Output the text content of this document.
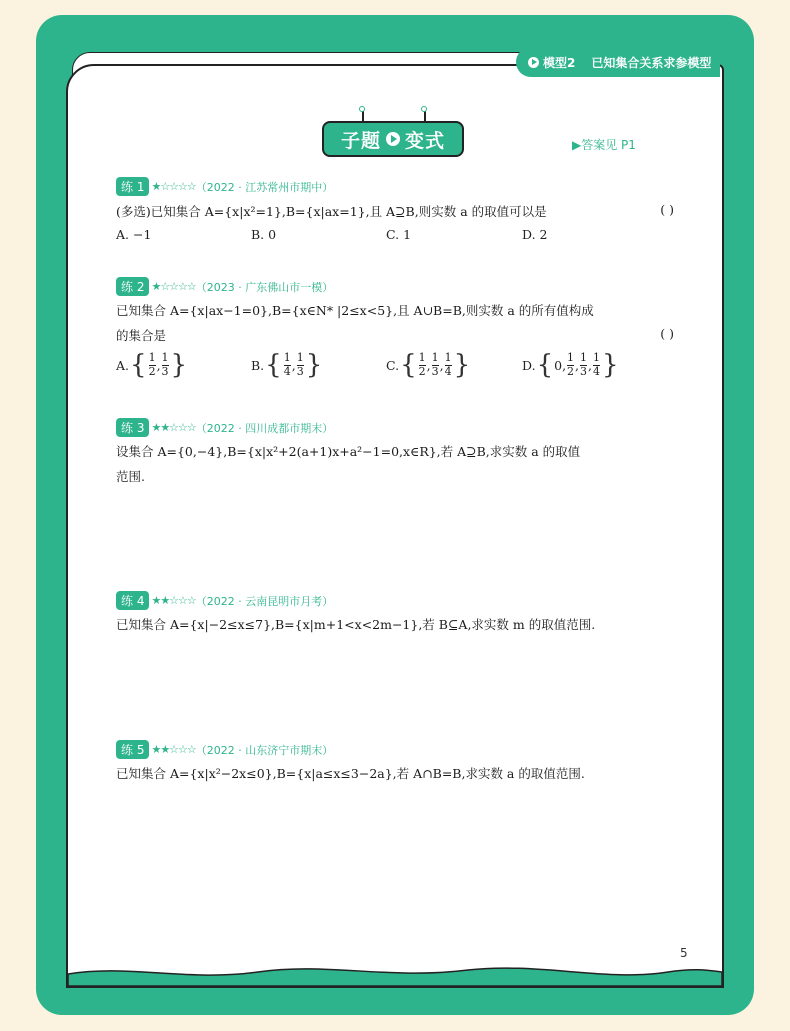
模型2 已知集合关系求参模型
子题 变式	▶答案见 P1
练 1 ★☆☆☆☆ （2022 · 江苏常州市期中）
(多选)已知集合 A={x|x²=1},B={x|ax=1},且 A⊇B,则实数 a 的取值可以是	( )
A. −1	B. 0	C. 1	D. 2
练 2 ★☆☆☆☆ （2023 · 广东佛山市一模）
已知集合 A={x|ax−1=0},B={x∈N* |2≤x<5},且 A∪B=B,则实数 a 的所有值构成
的集合是	( )
A. { $\frac{1}{2}$ , $\frac{1}{3}$ }	B. { $\frac{1}{4}$ , $\frac{1}{3}$ }	C. { $\frac{1}{2}$ , $\frac{1}{3}$ , $\frac{1}{4}$ }	D. { 0 , $\frac{1}{2}$ , $\frac{1}{3}$ , $\frac{1}{4}$ }
练 3 ★★☆☆☆ （2022 · 四川成都市期末）
设集合 A={0,−4},B={x|x²+2(a+1)x+a²−1=0,x∈R},若 A⊇B,求实数 a 的取值
范围.
练 4 ★★☆☆☆ （2022 · 云南昆明市月考）
已知集合 A={x|−2≤x≤7},B={x|m+1<x<2m−1},若 B⊆A,求实数 m 的取值范围.
练 5 ★★☆☆☆ （2022 · 山东济宁市期末）
已知集合 A={x|x²−2x≤0},B={x|a≤x≤3−2a},若 A∩B=B,求实数 a 的取值范围.
5
